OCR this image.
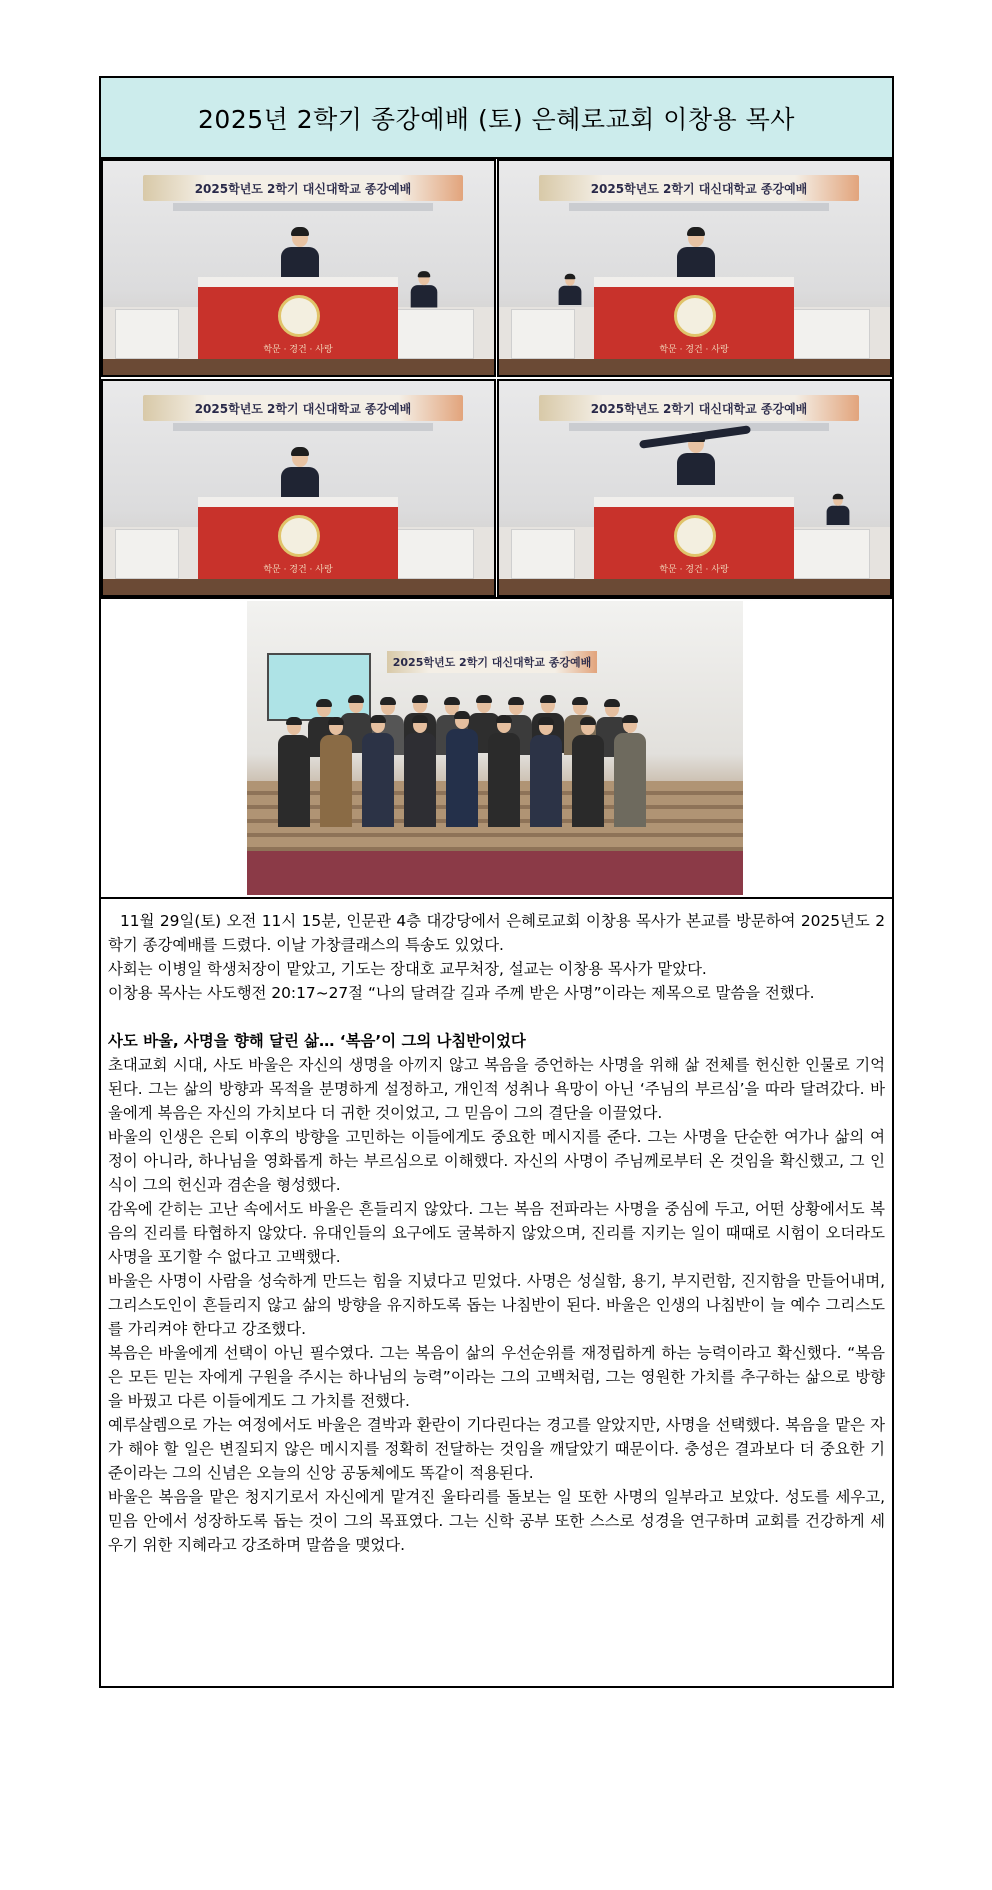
2025년 2학기 종강예배 (토) 은혜로교회 이창용 목사
2025학년도 2학기 대신대학교 종강예배
학문 · 경건 · 사랑
2025학년도 2학기 대신대학교 종강예배
학문 · 경건 · 사랑
2025학년도 2학기 대신대학교 종강예배
학문 · 경건 · 사랑
2025학년도 2학기 대신대학교 종강예배
학문 · 경건 · 사랑
2025학년도 2학기 대신대학교 종강예배

11월 29일(토) 오전 11시 15분, 인문관 4층 대강당에서 은혜로교회 이창용 목사가 본교를 방문하여 2025년도 2학기 종강예배를 드렸다. 이날 가창클래스의 특송도 있었다.

사회는 이병일 학생처장이 맡았고, 기도는 장대호 교무처장, 설교는 이창용 목사가 맡았다.

이창용 목사는 사도행전 20:17~27절 “나의 달려갈 길과 주께 받은 사명”이라는 제목으로 말씀을 전했다.

사도 바울, 사명을 향해 달린 삶… ‘복음’이 그의 나침반이었다

초대교회 시대, 사도 바울은 자신의 생명을 아끼지 않고 복음을 증언하는 사명을 위해 삶 전체를 헌신한 인물로 기억된다. 그는 삶의 방향과 목적을 분명하게 설정하고, 개인적 성취나 욕망이 아닌 ‘주님의 부르심’을 따라 달려갔다. 바울에게 복음은 자신의 가치보다 더 귀한 것이었고, 그 믿음이 그의 결단을 이끌었다.

바울의 인생은 은퇴 이후의 방향을 고민하는 이들에게도 중요한 메시지를 준다. 그는 사명을 단순한 여가나 삶의 여정이 아니라, 하나님을 영화롭게 하는 부르심으로 이해했다. 자신의 사명이 주님께로부터 온 것임을 확신했고, 그 인식이 그의 헌신과 겸손을 형성했다.

감옥에 갇히는 고난 속에서도 바울은 흔들리지 않았다. 그는 복음 전파라는 사명을 중심에 두고, 어떤 상황에서도 복음의 진리를 타협하지 않았다. 유대인들의 요구에도 굴복하지 않았으며, 진리를 지키는 일이 때때로 시험이 오더라도 사명을 포기할 수 없다고 고백했다.

바울은 사명이 사람을 성숙하게 만드는 힘을 지녔다고 믿었다. 사명은 성실함, 용기, 부지런함, 진지함을 만들어내며, 그리스도인이 흔들리지 않고 삶의 방향을 유지하도록 돕는 나침반이 된다. 바울은 인생의 나침반이 늘 예수 그리스도를 가리켜야 한다고 강조했다.

복음은 바울에게 선택이 아닌 필수였다. 그는 복음이 삶의 우선순위를 재정립하게 하는 능력이라고 확신했다. “복음은 모든 믿는 자에게 구원을 주시는 하나님의 능력”이라는 그의 고백처럼, 그는 영원한 가치를 추구하는 삶으로 방향을 바꿨고 다른 이들에게도 그 가치를 전했다.

예루살렘으로 가는 여정에서도 바울은 결박과 환란이 기다린다는 경고를 알았지만, 사명을 선택했다. 복음을 맡은 자가 해야 할 일은 변질되지 않은 메시지를 정확히 전달하는 것임을 깨달았기 때문이다. 충성은 결과보다 더 중요한 기준이라는 그의 신념은 오늘의 신앙 공동체에도 똑같이 적용된다.

바울은 복음을 맡은 청지기로서 자신에게 맡겨진 울타리를 돌보는 일 또한 사명의 일부라고 보았다. 성도를 세우고, 믿음 안에서 성장하도록 돕는 것이 그의 목표였다. 그는 신학 공부 또한 스스로 성경을 연구하며 교회를 건강하게 세우기 위한 지혜라고 강조하며 말씀을 맺었다.
